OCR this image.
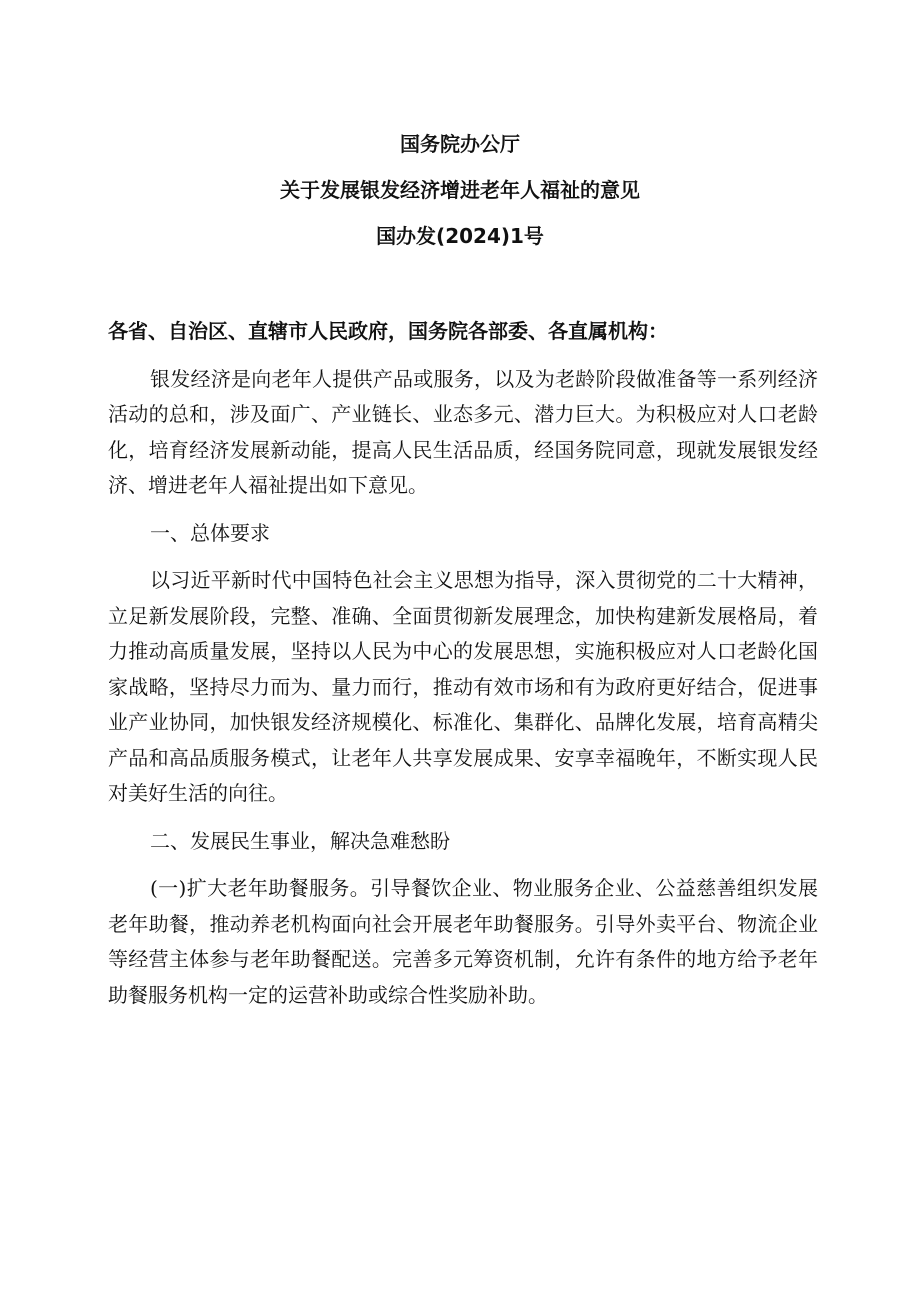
国务院办公厅
关于发展银发经济增进老年人福祉的意见
国办发(2024)1号
各省、自治区、直辖市人民政府，国务院各部委、各直属机构：
银发经济是向老年人提供产品或服务，以及为老龄阶段做准备等一系列经济活动的总和，涉及面广、产业链长、业态多元、潜力巨大。为积极应对人口老龄化，培育经济发展新动能，提高人民生活品质，经国务院同意，现就发展银发经济、增进老年人福祉提出如下意见。
一、总体要求
以习近平新时代中国特色社会主义思想为指导，深入贯彻党的二十大精神，立足新发展阶段，完整、准确、全面贯彻新发展理念，加快构建新发展格局，着力推动高质量发展，坚持以人民为中心的发展思想，实施积极应对人口老龄化国家战略，坚持尽力而为、量力而行，推动有效市场和有为政府更好结合，促进事业产业协同，加快银发经济规模化、标准化、集群化、品牌化发展，培育高精尖产品和高品质服务模式，让老年人共享发展成果、安享幸福晚年，不断实现人民对美好生活的向往。
二、发展民生事业，解决急难愁盼
(一)扩大老年助餐服务。引导餐饮企业、物业服务企业、公益慈善组织发展老年助餐，推动养老机构面向社会开展老年助餐服务。引导外卖平台、物流企业等经营主体参与老年助餐配送。完善多元筹资机制，允许有条件的地方给予老年助餐服务机构一定的运营补助或综合性奖励补助。
